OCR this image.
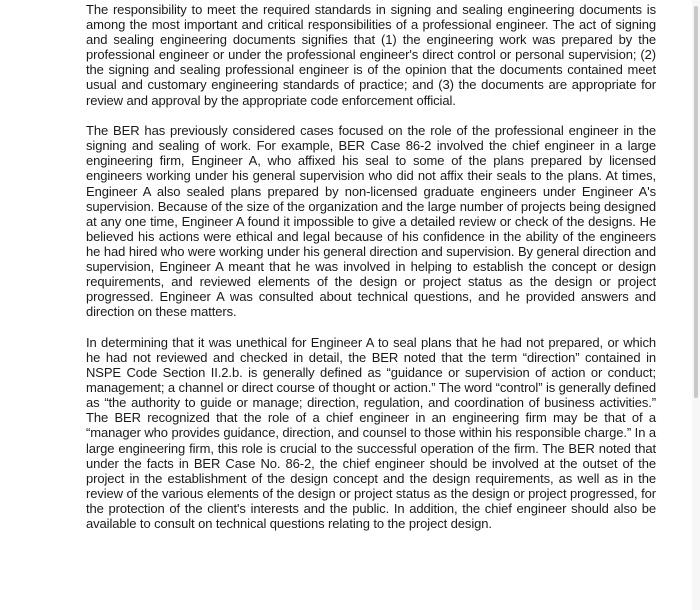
The responsibility to meet the required standards in signing and sealing engineering documents is among the most important and critical responsibilities of a professional engineer. The act of signing and sealing engineering documents signifies that (1) the engineering work was prepared by the professional engineer or under the professional engineer's direct control or personal supervision; (2) the signing and sealing professional engineer is of the opinion that the documents contained meet usual and customary engineering standards of practice; and (3) the documents are appropriate for review and approval by the appropriate code enforcement official.

The BER has previously considered cases focused on the role of the professional engineer in the signing and sealing of work. For example, BER Case 86-2 involved the chief engineer in a large engineering firm, Engineer A, who affixed his seal to some of the plans prepared by licensed engineers working under his general supervision who did not affix their seals to the plans. At times, Engineer A also sealed plans prepared by non-licensed graduate engineers under Engineer A's supervision. Because of the size of the organization and the large number of projects being designed at any one time, Engineer A found it impossible to give a detailed review or check of the designs. He believed his actions were ethical and legal because of his confidence in the ability of the engineers he had hired who were working under his general direction and supervision. By general direction and supervision, Engineer A meant that he was involved in helping to establish the concept or design requirements, and reviewed elements of the design or project status as the design or project progressed. Engineer A was consulted about technical questions, and he provided answers and direction on these matters.

In determining that it was unethical for Engineer A to seal plans that he had not prepared, or which he had not reviewed and checked in detail, the BER noted that the term “direction” contained in NSPE Code Section II.2.b. is generally defined as “guidance or supervision of action or conduct; management; a channel or direct course of thought or action.” The word “control” is generally defined as “the authority to guide or manage; direction, regulation, and coordination of business activities.” The BER recognized that the role of a chief engineer in an engineering firm may be that of a “manager who provides guidance, direction, and counsel to those within his responsible charge.” In a large engineering firm, this role is crucial to the successful operation of the firm. The BER noted that under the facts in BER Case No. 86-2, the chief engineer should be involved at the outset of the project in the establishment of the design concept and the design requirements, as well as in the review of the various elements of the design or project status as the design or project progressed, for the protection of the client's interests and the public. In addition, the chief engineer should also be available to consult on technical questions relating to the project design.
